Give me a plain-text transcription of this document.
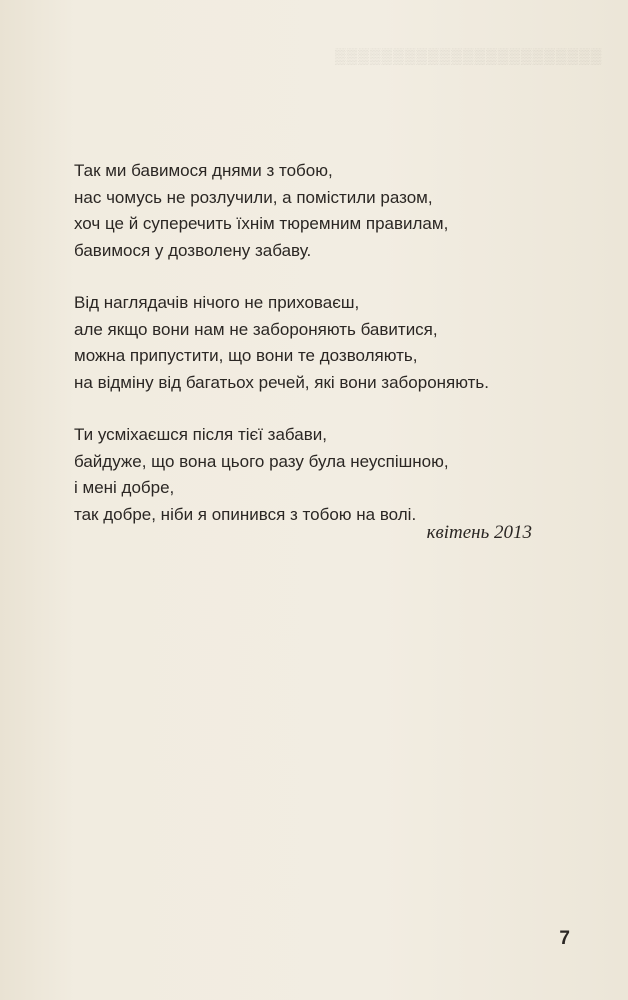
▒▒▒▒▒▒▒▒▒▒▒▒▒▒▒▒▒▒▒▒▒▒▒
Так ми бавимося днями з тобою,
нас чомусь не розлучили, а помістили разом,
хоч це й суперечить їхнім тюремним правилам,
бавимося у дозволену забаву.
Від наглядачів нічого не приховаєш,
але якщо вони нам не забороняють бавитися,
можна припустити, що вони те дозволяють,
на відміну від багатьох речей, які вони забороняють.
Ти усміхаєшся після тієї забави,
байдуже, що вона цього разу була неуспішною,
і мені добре,
так добре, ніби я опинився з тобою на волі.
квітень 2013
7
